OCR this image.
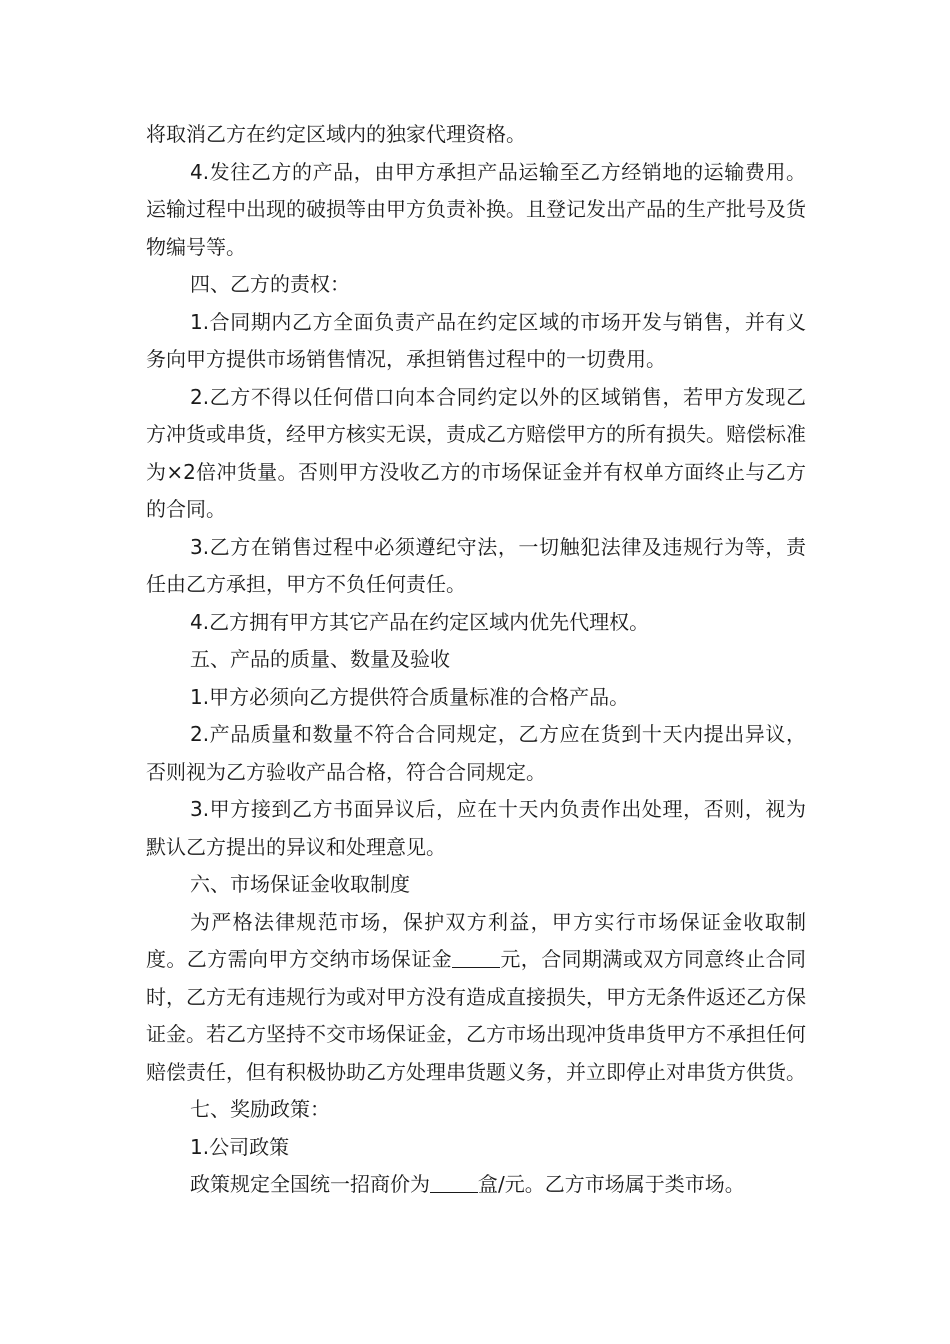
将取消乙方在约定区域内的独家代理资格。

4.发往乙方的产品，由甲方承担产品运输至乙方经销地的运输费用。运输过程中出现的破损等由甲方负责补换。且登记发出产品的生产批号及货物编号等。

四、乙方的责权：

1.合同期内乙方全面负责产品在约定区域的市场开发与销售，并有义务向甲方提供市场销售情况，承担销售过程中的一切费用。

2.乙方不得以任何借口向本合同约定以外的区域销售，若甲方发现乙方冲货或串货，经甲方核实无误，责成乙方赔偿甲方的所有损失。赔偿标准为×2倍冲货量。否则甲方没收乙方的市场保证金并有权单方面终止与乙方的合同。

3.乙方在销售过程中必须遵纪守法，一切触犯法律及违规行为等，责任由乙方承担，甲方不负任何责任。

4.乙方拥有甲方其它产品在约定区域内优先代理权。

五、产品的质量、数量及验收

1.甲方必须向乙方提供符合质量标准的合格产品。

2.产品质量和数量不符合合同规定，乙方应在货到十天内提出异议，否则视为乙方验收产品合格，符合合同规定。

3.甲方接到乙方书面异议后，应在十天内负责作出处理，否则，视为默认乙方提出的异议和处理意见。

六、市场保证金收取制度

为严格法律规范市场，保护双方利益，甲方实行市场保证金收取制度。乙方需向甲方交纳市场保证金 元，合同期满或双方同意终止合同时，乙方无有违规行为或对甲方没有造成直接损失，甲方无条件返还乙方保证金。若乙方坚持不交市场保证金，乙方市场出现冲货串货甲方不承担任何赔偿责任，但有积极协助乙方处理串货题义务，并立即停止对串货方供货。

七、奖励政策：

1.公司政策

政策规定全国统一招商价为 盒/元。乙方市场属于类市场。
